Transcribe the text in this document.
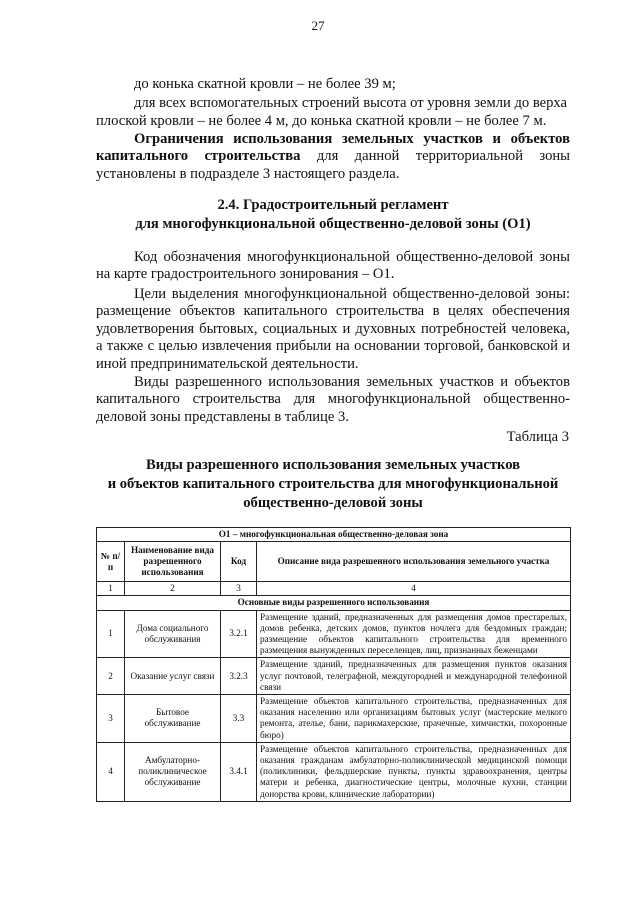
27
до конька скатной кровли – не более 39 м;
для всех вспомогательных строений высота от уровня земли до верха
плоской кровли – не более 4 м, до конька скатной кровли – не более 7 м.
Ограничения использования земельных участков и объектов капитального строительства для данной территориальной зоны установлены в подразделе 3 настоящего раздела.
2.4. Градостроительный регламент
для многофункциональной общественно-деловой зоны (О1)
Код обозначения многофункциональной общественно-деловой зоны на карте градостроительного зонирования – О1.
Цели выделения многофункциональной общественно-деловой зоны: размещение объектов капитального строительства в целях обеспечения удовлетворения бытовых, социальных и духовных потребностей человека, а также с целью извлечения прибыли на основании торговой, банковской и иной предпринимательской деятельности.
Виды разрешенного использования земельных участков и объектов капитального строительства для многофункциональной общественно-деловой зоны представлены в таблице 3.
Таблица 3
Виды разрешенного использования земельных участков
и объектов капитального строительства для многофункциональной
общественно-деловой зоны
О1 – многофункциональная общественно-деловая зона			
№ п/п	Наименование вида разрешенного использования	Код	Описание вида разрешенного использования земельного участка
1	2	3	4
Основные виды разрешенного использования			
1	Дома социального обслуживания	3.2.1	Размещение зданий, предназначенных для размещения домов престарелых, домов ребенка, детских домов, пунктов ночлега для бездомных граждан; размещение объектов капитального строительства для временного размещения вынужденных переселенцев, лиц, признанных беженцами
2	Оказание услуг связи	3.2.3	Размещение зданий, предназначенных для размещения пунктов оказания услуг почтовой, телеграфной, междугородней и международной телефонной связи
3	Бытовое обслуживание	3.3	Размещение объектов капитального строительства, предназначенных для оказания населению или организациям бытовых услуг (мастерские мелкого ремонта, ателье, бани, парикмахерские, прачечные, химчистки, похоронные бюро)
4	Амбулаторно-поликлиническое обслуживание	3.4.1	Размещение объектов капитального строительства, предназначенных для оказания гражданам амбулаторно-поликлинической медицинской помощи (поликлиники, фельдшерские пункты, пункты здравоохранения, центры матери и ребенка, диагностические центры, молочные кухни, станции донорства крови, клинические лаборатории)
